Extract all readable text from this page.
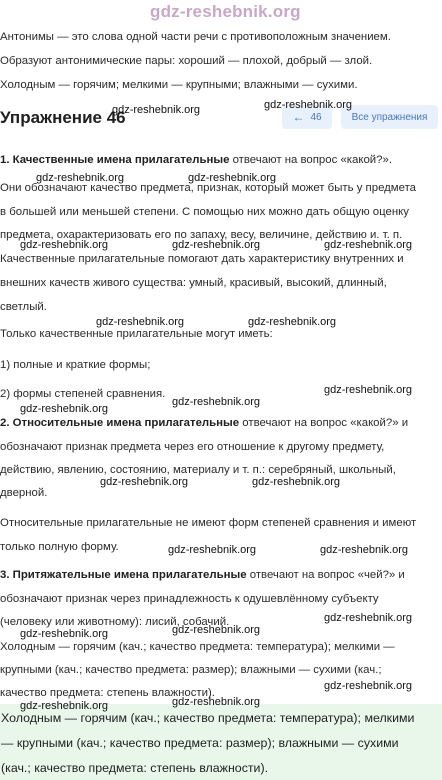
gdz-reshebnik.org
Антонимы — это слова одной части речи с противоположным значением.
Образуют антонимические пары: хороший — плохой, добрый — злой.
Холодным — горячим; мелкими — крупными; влажными — сухими.
Упражнение 46	← 46	Все упражнения
1. Качественные имена прилагательные отвечают на вопрос «какой?».
Они обозначают качество предмета, признак, который может быть у предмета
в большей или меньшей степени. С помощью них можно дать общую оценку
предмета, охарактеризовать его по запаху, весу, величине, действию и. т. п.
Качественные прилагательные помогают дать характеристику внутренних и
внешних качеств живого существа: умный, красивый, высокий, длинный,
светлый.
Только качественные прилагательные могут иметь:
1) полные и краткие формы;
2) формы степеней сравнения.
2. Относительные имена прилагательные отвечают на вопрос «какой?» и
обозначают признак предмета через его отношение к другому предмету,
действию, явлению, состоянию, материалу и т. п.: серебряный, школьный,
дверной.
Относительные прилагательные не имеют форм степеней сравнения и имеют
только полную форму.
3. Притяжательные имена прилагательные отвечают на вопрос «чей?» и
обозначают признак через принадлежность к одушевлённому субъекту
(человеку или животному): лисий, собачий.
Холодным — горячим (кач.; качество предмета: температура); мелкими —
крупными (кач.; качество предмета: размер); влажными — сухими (кач.;
качество предмета: степень влажности).
Холодным — горячим (кач.; качество предмета: температура); мелкими
— крупными (кач.; качество предмета: размер); влажными — сухими
(кач.; качество предмета: степень влажности).
gdz-reshebnik.org	gdz-reshebnik.org
gdz-reshebnik.org	gdz-reshebnik.org
gdz-reshebnik.org	gdz-reshebnik.org	gdz-reshebnik.org
gdz-reshebnik.org	gdz-reshebnik.org
gdz-reshebnik.org
gdz-reshebnik.org
gdz-reshebnik.org
gdz-reshebnik.org	gdz-reshebnik.org
gdz-reshebnik.org	gdz-reshebnik.org
gdz-reshebnik.org
gdz-reshebnik.org
gdz-reshebnik.org
gdz-reshebnik.org
gdz-reshebnik.org
gdz-reshebnik.org
